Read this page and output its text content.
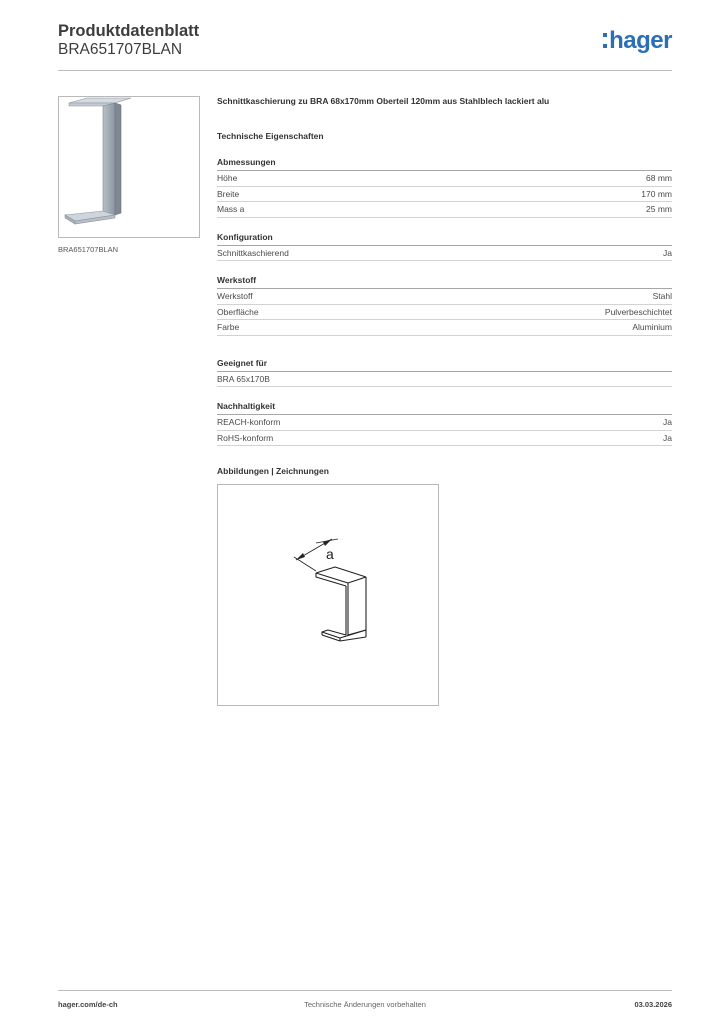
Produktdatenblatt
BRA651707BLAN	hager
BRA651707BLAN
Schnittkaschierung zu BRA 68x170mm Oberteil 120mm aus Stahlblech lackiert alu
Technische Eigenschaften
Abmessungen
Höhe	68 mm
Breite	170 mm
Mass a	25 mm
Konfiguration
Schnittkaschierend	Ja
Werkstoff
Werkstoff	Stahl
Oberfläche	Pulverbeschichtet
Farbe	Aluminium
Geeignet für
BRA 65x170B
Nachhaltigkeit
REACH-konform	Ja
RoHS-konform	Ja
Abbildungen | Zeichnungen
a
hager.com/de-ch	Technische Änderungen vorbehalten	03.03.2026
